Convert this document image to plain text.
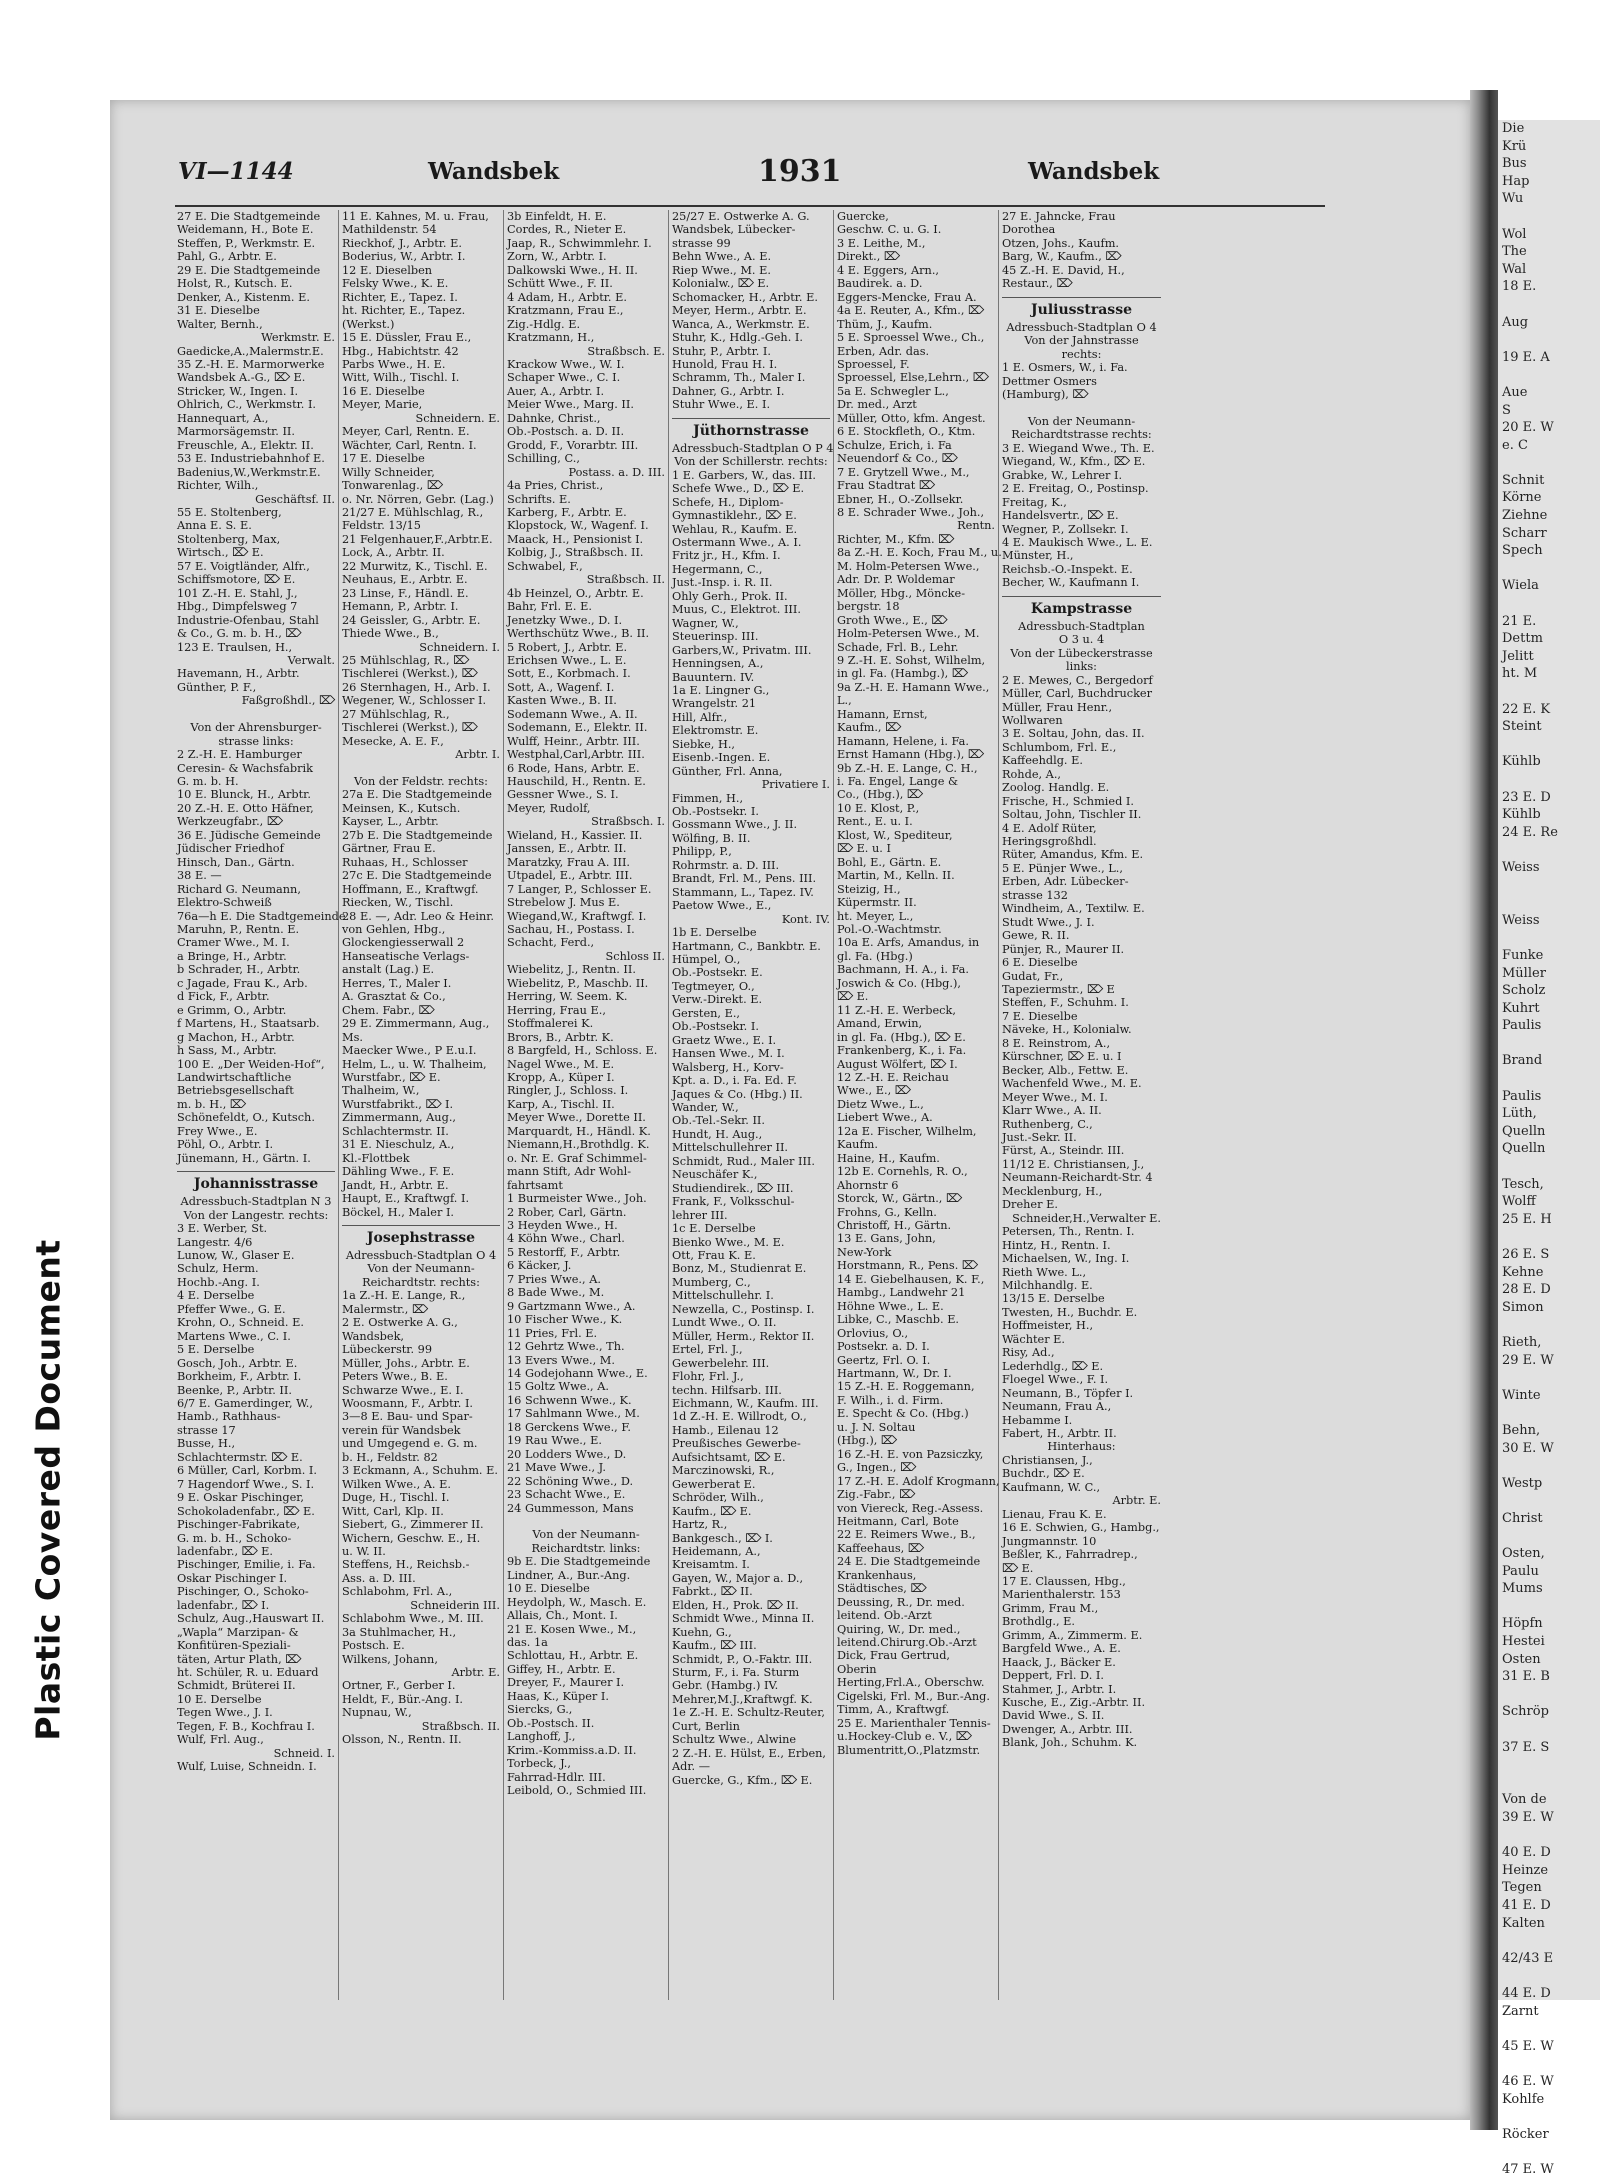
Plastic Covered Document
Die
Krü
Bus
Hap
Wu

Wol
The
Wal
18 E.

Aug

19 E. A

Aue
S
20 E. W
e. C

Schnit
Körne
Ziehne
Scharr
Spech

Wiela

21 E.
Dettm
Jelitt
ht. M

22 E. K
Steint

Kühlb

23 E. D
Kühlb
24 E. Re

Weiss

Weiss

Funke
Müller
Scholz
Kuhrt
Paulis

Brand

Paulis
Lüth,
Quelln
Quelln

Tesch,
Wolff
25 E. H

26 E. S
Kehne
28 E. D
Simon

Rieth,
29 E. W

Winte

Behn,
30 E. W

Westp

Christ

Osten,
Paulu
Mums

Höpfn
Hestei
Osten
31 E. B

Schröp

37 E. S

Von de
39 E. W

40 E. D
Heinze
Tegen
41 E. D
Kalten

42/43 E

44 E. D
Zarnt

45 E. W

46 E. W
Kohlfe

Röcker

47 E. W
VI—1144	Wandsbek	1931	Wandsbek
27 E. Die Stadtgemeinde
Weidemann, H., Bote E.
Steffen, P., Werkmstr. E.
Pahl, G., Arbtr. E.
29 E. Die Stadtgemeinde
Holst, R., Kutsch. E.
Denker, A., Kistenm. E.
31 E. Dieselbe
Walter, Bernh.,
Werkmstr. E.
Gaedicke,A.,Malermstr.E.
35 Z.-H. E. Marmorwerke
Wandsbek A.-G., ⌦ E.
Stricker, W., Ingen. I.
Ohlrich, C., Werkmstr. I.
Hannequart, A.,
Marmorsägemstr. II.
Freuschle, A., Elektr. II.
53 E. Industriebahnhof E.
Badenius,W.,Werkmstr.E.
Richter, Wilh.,
Geschäftsf. II.
55 E. Stoltenberg,
Anna E. S. E.
Stoltenberg, Max,
Wirtsch., ⌦ E.
57 E. Voigtländer, Alfr.,
Schiffsmotore, ⌦ E.
101 Z.-H. E. Stahl, J.,
Hbg., Dimpfelsweg 7
Industrie-Ofenbau, Stahl
& Co., G. m. b. H., ⌦
123 E. Traulsen, H.,
Verwalt.
Havemann, H., Arbtr.
Günther, P. F.,
Faßgroßhdl., ⌦

Von der Ahrensburger-
strasse links:
2 Z.-H. E. Hamburger
Ceresin- & Wachsfabrik
G. m. b. H.
10 E. Blunck, H., Arbtr.
20 Z.-H. E. Otto Häfner,
Werkzeugfabr., ⌦
36 E. Jüdische Gemeinde
Jüdischer Friedhof
Hinsch, Dan., Gärtn.
38 E. —
Richard G. Neumann,
Elektro-Schweiß
76a—h E. Die Stadtgemeinde
Maruhn, P., Rentn. E.
Cramer Wwe., M. I.
a Bringe, H., Arbtr.
b Schrader, H., Arbtr.
c Jagade, Frau K., Arb.
d Fick, F., Arbtr.
e Grimm, O., Arbtr.
f Martens, H., Staatsarb.
g Machon, H., Arbtr.
h Sass, M., Arbtr.
100 E. „Der Weiden-Hof“,
Landwirtschaftliche
Betriebsgesellschaft
m. b. H., ⌦
Schönefeldt, O., Kutsch.
Frey Wwe., E.
Pöhl, O., Arbtr. I.
Jünemann, H., Gärtn. I.
Johannisstrasse
Adressbuch-Stadtplan N 3
Von der Langestr. rechts:
3 E. Werber, St.
Langestr. 4/6
Lunow, W., Glaser E.
Schulz, Herm.
Hochb.-Ang. I.
4 E. Derselbe
Pfeffer Wwe., G. E.
Krohn, O., Schneid. E.
Martens Wwe., C. I.
5 E. Derselbe
Gosch, Joh., Arbtr. E.
Borkheim, F., Arbtr. I.
Beenke, P., Arbtr. II.
6/7 E. Gamerdinger, W.,
Hamb., Rathhaus-
strasse 17
Busse, H.,
Schlachtermstr. ⌦ E.
6 Müller, Carl, Korbm. I.
7 Hagendorf Wwe., S. I.
9 E. Oskar Pischinger,
Schokoladenfabr., ⌦ E.
Pischinger-Fabrikate,
G. m. b. H., Schoko-
ladenfabr., ⌦ E.
Pischinger, Emilie, i. Fa.
Oskar Pischinger I.
Pischinger, O., Schoko-
ladenfabr., ⌦ I.
Schulz, Aug.,Hauswart II.
„Wapla“ Marzipan- &
Konfitüren-Speziali-
täten, Artur Plath, ⌦
ht. Schüler, R. u. Eduard
Schmidt, Brüterei II.
10 E. Derselbe
Tegen Wwe., J. I.
Tegen, F. B., Kochfrau I.
Wulf, Frl. Aug.,
Schneid. I.
Wulf, Luise, Schneidn. I.
11 E. Kahnes, M. u. Frau,
Mathildenstr. 54
Rieckhof, J., Arbtr. E.
Boderius, W., Arbtr. I.
12 E. Dieselben
Felsky Wwe., K. E.
Richter, E., Tapez. I.
ht. Richter, E., Tapez.
(Werkst.)
15 E. Düssler, Frau E.,
Hbg., Habichtstr. 42
Parbs Wwe., H. E.
Witt, Wilh., Tischl. I.
16 E. Dieselbe
Meyer, Marie,
Schneidern. E.
Meyer, Carl, Rentn. E.
Wächter, Carl, Rentn. I.
17 E. Dieselbe
Willy Schneider,
Tonwarenlag., ⌦
o. Nr. Nörren, Gebr. (Lag.)
21/27 E. Mühlschlag, R.,
Feldstr. 13/15
21 Felgenhauer,F.,Arbtr.E.
Lock, A., Arbtr. II.
22 Murwitz, K., Tischl. E.
Neuhaus, E., Arbtr. E.
23 Linse, F., Händl. E.
Hemann, P., Arbtr. I.
24 Geissler, G., Arbtr. E.
Thiede Wwe., B.,
Schneidern. I.
25 Mühlschlag, R., ⌦
Tischlerei (Werkst.), ⌦
26 Sternhagen, H., Arb. I.
Wegener, W., Schlosser I.
27 Mühlschlag, R.,
Tischlerei (Werkst.), ⌦
Mesecke, A. E. F.,
Arbtr. I.

Von der Feldstr. rechts:
27a E. Die Stadtgemeinde
Meinsen, K., Kutsch.
Kayser, L., Arbtr.
27b E. Die Stadtgemeinde
Gärtner, Frau E.
Ruhaas, H., Schlosser
27c E. Die Stadtgemeinde
Hoffmann, E., Kraftwgf.
Riecken, W., Tischl.
28 E. —, Adr. Leo & Heinr.
von Gehlen, Hbg.,
Glockengiesserwall 2
Hanseatische Verlags-
anstalt (Lag.) E.
Herres, T., Maler I.
A. Grasztat & Co.,
Chem. Fabr., ⌦
29 E. Zimmermann, Aug.,
Ms.
Maecker Wwe., P E.u.I.
Helm, L., u. W. Thalheim,
Wurstfabr., ⌦ E.
Thalheim, W.,
Wurstfabrikt., ⌦ I.
Zimmermann, Aug.,
Schlachtermstr. II.
31 E. Nieschulz, A.,
Kl.-Flottbek
Dähling Wwe., F. E.
Jandt, H., Arbtr. E.
Haupt, E., Kraftwgf. I.
Böckel, H., Maler I.
Josephstrasse
Adressbuch-Stadtplan O 4
Von der Neumann-
Reichardtstr. rechts:
1a Z.-H. E. Lange, R.,
Malermstr., ⌦
2 E. Ostwerke A. G.,
Wandsbek,
Lübeckerstr. 99
Müller, Johs., Arbtr. E.
Peters Wwe., B. E.
Schwarze Wwe., E. I.
Woosmann, F., Arbtr. I.
3—8 E. Bau- und Spar-
verein für Wandsbek
und Umgegend e. G. m.
b. H., Feldstr. 82
3 Eckmann, A., Schuhm. E.
Wilken Wwe., A. E.
Duge, H., Tischl. I.
Witt, Carl, Klp. II.
Siebert, G., Zimmerer II.
Wichern, Geschw. E., H.
u. W. II.
Steffens, H., Reichsb.-
Ass. a. D. III.
Schlabohm, Frl. A.,
Schneiderin III.
Schlabohm Wwe., M. III.
3a Stuhlmacher, H.,
Postsch. E.
Wilkens, Johann,
Arbtr. E.
Ortner, F., Gerber I.
Heldt, F., Bür.-Ang. I.
Nupnau, W.,
Straßbsch. II.
Olsson, N., Rentn. II.
3b Einfeldt, H. E.
Cordes, R., Nieter E.
Jaap, R., Schwimmlehr. I.
Zorn, W., Arbtr. I.
Dalkowski Wwe., H. II.
Schütt Wwe., F. II.
4 Adam, H., Arbtr. E.
Kratzmann, Frau E.,
Zig.-Hdlg. E.
Kratzmann, H.,
Straßbsch. E.
Krackow Wwe., W. I.
Schaper Wwe., C. I.
Auer, A., Arbtr. I.
Meier Wwe., Marg. II.
Dahnke, Christ.,
Ob.-Postsch. a. D. II.
Grodd, F., Vorarbtr. III.
Schilling, C.,
Postass. a. D. III.
4a Pries, Christ.,
Schrifts. E.
Karberg, F., Arbtr. E.
Klopstock, W., Wagenf. I.
Maack, H., Pensionist I.
Kolbig, J., Straßbsch. II.
Schwabel, F.,
Straßbsch. II.
4b Heinzel, O., Arbtr. E.
Bahr, Frl. E. E.
Jenetzky Wwe., D. I.
Werthschütz Wwe., B. II.
5 Robert, J., Arbtr. E.
Erichsen Wwe., L. E.
Sott, E., Korbmach. I.
Sott, A., Wagenf. I.
Kasten Wwe., B. II.
Sodemann Wwe., A. II.
Sodemann, E., Elektr. II.
Wulff, Heinr., Arbtr. III.
Westphal,Carl,Arbtr. III.
6 Rode, Hans, Arbtr. E.
Hauschild, H., Rentn. E.
Gessner Wwe., S. I.
Meyer, Rudolf,
Straßbsch. I.
Wieland, H., Kassier. II.
Janssen, E., Arbtr. II.
Maratzky, Frau A. III.
Utpadel, E., Arbtr. III.
7 Langer, P., Schlosser E.
Strebelow J. Mus E.
Wiegand,W., Kraftwgf. I.
Sachau, H., Postass. I.
Schacht, Ferd.,
Schloss II.
Wiebelitz, J., Rentn. II.
Wiebelitz, P., Maschb. II.
Herring, W. Seem. K.
Herring, Frau E.,
Stoffmalerei K.
Brors, B., Arbtr. K.
8 Bargfeld, H., Schloss. E.
Nagel Wwe., M. E.
Kropp, A., Küper I.
Ringler, J., Schloss. I.
Karp, A., Tischl. II.
Meyer Wwe., Dorette II.
Marquardt, H., Händl. K.
Niemann,H.,Brothdlg. K.
o. Nr. E. Graf Schimmel-
mann Stift, Adr Wohl-
fahrtsamt
1 Burmeister Wwe., Joh.
2 Rober, Carl, Gärtn.
3 Heyden Wwe., H.
4 Köhn Wwe., Charl.
5 Restorff, F., Arbtr.
6 Käcker, J.
7 Pries Wwe., A.
8 Bade Wwe., M.
9 Gartzmann Wwe., A.
10 Fischer Wwe., K.
11 Pries, Frl. E.
12 Gehrtz Wwe., Th.
13 Evers Wwe., M.
14 Godejohann Wwe., E.
15 Goltz Wwe., A.
16 Schwenn Wwe., K.
17 Sahlmann Wwe., M.
18 Gerckens Wwe., F.
19 Rau Wwe., E.
20 Lodders Wwe., D.
21 Mave Wwe., J.
22 Schöning Wwe., D.
23 Schacht Wwe., E.
24 Gummesson, Mans

Von der Neumann-
Reichardtstr. links:
9b E. Die Stadtgemeinde
Lindner, A., Bur.-Ang.
10 E. Dieselbe
Heydolph, W., Masch. E.
Allais, Ch., Mont. I.
21 E. Kosen Wwe., M.,
das. 1a
Schlottau, H., Arbtr. E.
Giffey, H., Arbtr. E.
Dreyer, F., Maurer I.
Haas, K., Küper I.
Siercks, G.,
Ob.-Postsch. II.
Langhoff, J.,
Krim.-Kommiss.a.D. II.
Torbeck, J.,
Fahrrad-Hdlr. III.
Leibold, O., Schmied III.
25/27 E. Ostwerke A. G.
Wandsbek, Lübecker-
strasse 99
Behn Wwe., A. E.
Riep Wwe., M. E.
Kolonialw., ⌦ E.
Schomacker, H., Arbtr. E.
Meyer, Herm., Arbtr. E.
Wanca, A., Werkmstr. E.
Stuhr, K., Hdlg.-Geh. I.
Stuhr, P., Arbtr. I.
Hunold, Frau H. I.
Schramm, Th., Maler I.
Dahner, G., Arbtr. I.
Stuhr Wwe., E. I.
Jüthornstrasse
Adressbuch-Stadtplan O P 4
Von der Schillerstr. rechts:
1 E. Garbers, W., das. III.
Schefe Wwe., D., ⌦ E.
Schefe, H., Diplom-
Gymnastiklehr., ⌦ E.
Wehlau, R., Kaufm. E.
Ostermann Wwe., A. I.
Fritz jr., H., Kfm. I.
Hegermann, C.,
Just.-Insp. i. R. II.
Ohly Gerh., Prok. II.
Muus, C., Elektrot. III.
Wagner, W.,
Steuerinsp. III.
Garbers,W., Privatm. III.
Henningsen, A.,
Bauuntern. IV.
1a E. Lingner G.,
Wrangelstr. 21
Hill, Alfr.,
Elektromstr. E.
Siebke, H.,
Eisenb.-Ingen. E.
Günther, Frl. Anna,
Privatiere I.
Fimmen, H.,
Ob.-Postsekr. I.
Gossmann Wwe., J. II.
Wölfing, B. II.
Philipp, P.,
Rohrmstr. a. D. III.
Brandt, Frl. M., Pens. III.
Stammann, L., Tapez. IV.
Paetow Wwe., E.,
Kont. IV.
1b E. Derselbe
Hartmann, C., Bankbtr. E.
Hümpel, O.,
Ob.-Postsekr. E.
Tegtmeyer, O.,
Verw.-Direkt. E.
Gersten, E.,
Ob.-Postsekr. I.
Graetz Wwe., E. I.
Hansen Wwe., M. I.
Walsberg, H., Korv-
Kpt. a. D., i. Fa. Ed. F.
Jaques & Co. (Hbg.) II.
Wander, W.,
Ob.-Tel.-Sekr. II.
Hundt, H. Aug.,
Mittelschullehrer II.
Schmidt, Rud., Maler III.
Neuschäfer K.,
Studiendirek., ⌦ III.
Frank, F., Volksschul-
lehrer III.
1c E. Derselbe
Bienko Wwe., M. E.
Ott, Frau K. E.
Bonz, M., Studienrat E.
Mumberg, C.,
Mittelschullehr. I.
Newzella, C., Postinsp. I.
Lundt Wwe., O. II.
Müller, Herm., Rektor II.
Ertel, Frl. J.,
Gewerbelehr. III.
Flohr, Frl. J.,
techn. Hilfsarb. III.
Eichmann, W., Kaufm. III.
1d Z.-H. E. Willrodt, O.,
Hamb., Eilenau 12
Preußisches Gewerbe-
Aufsichtsamt, ⌦ E.
Marczinowski, R.,
Gewerberat E.
Schröder, Wilh.,
Kaufm., ⌦ E.
Hartz, R.,
Bankgesch., ⌦ I.
Heidemann, A.,
Kreisamtm. I.
Gayen, W., Major a. D.,
Fabrkt., ⌦ II.
Elden, H., Prok. ⌦ II.
Schmidt Wwe., Minna II.
Kuehn, G.,
Kaufm., ⌦ III.
Schmidt, P., O.-Faktr. III.
Sturm, F., i. Fa. Sturm
Gebr. (Hambg.) IV.
Mehrer,M.J.,Kraftwgf. K.
1e Z.-H. E. Schultz-Reuter,
Curt, Berlin
Schultz Wwe., Alwine
2 Z.-H. E. Hülst, E., Erben,
Adr. —
Guercke, G., Kfm., ⌦ E.
Guercke,
Geschw. C. u. G. I.
3 E. Leithe, M.,
Direkt., ⌦
4 E. Eggers, Arn.,
Baudirek. a. D.
Eggers-Mencke, Frau A.
4a E. Reuter, A., Kfm., ⌦
Thüm, J., Kaufm.
5 E. Sproessel Wwe., Ch.,
Erben, Adr. das.
Sproessel, F.
Sproessel, Else,Lehrn., ⌦
5a E. Schwegler L.,
Dr. med., Arzt
Müller, Otto, kfm. Angest.
6 E. Stockfleth, O., Ktm.
Schulze, Erich, i. Fa
Neuendorf & Co., ⌦
7 E. Grytzell Wwe., M.,
Frau Stadtrat ⌦
Ebner, H., O.-Zollsekr.
8 E. Schrader Wwe., Joh.,
Rentn.
Richter, M., Kfm. ⌦
8a Z.-H. E. Koch, Frau M., u.
M. Holm-Petersen Wwe.,
Adr. Dr. P. Woldemar
Möller, Hbg., Möncke-
bergstr. 18
Groth Wwe., E., ⌦
Holm-Petersen Wwe., M.
Schade, Frl. B., Lehr.
9 Z.-H. E. Sohst, Wilhelm,
in gl. Fa. (Hambg.), ⌦
9a Z.-H. E. Hamann Wwe.,
L.,
Hamann, Ernst,
Kaufm., ⌦
Hamann, Helene, i. Fa.
Ernst Hamann (Hbg.), ⌦
9b Z.-H. E. Lange, C. H.,
i. Fa. Engel, Lange &
Co., (Hbg.), ⌦
10 E. Klost, P.,
Rent., E. u. I.
Klost, W., Spediteur,
⌦ E. u. I
Bohl, E., Gärtn. E.
Martin, M., Kelln. II.
Steizig, H.,
Küpermstr. II.
ht. Meyer, L.,
Pol.-O.-Wachtmstr.
10a E. Arfs, Amandus, in
gl. Fa. (Hbg.)
Bachmann, H. A., i. Fa.
Joswich & Co. (Hbg.),
⌦ E.
11 Z.-H. E. Werbeck,
Amand, Erwin,
in gl. Fa. (Hbg.), ⌦ E.
Frankenberg, K., i. Fa.
August Wölfert, ⌦ I.
12 Z.-H. E. Reichau
Wwe., E., ⌦
Dietz Wwe., L.,
Liebert Wwe., A.
12a E. Fischer, Wilhelm,
Kaufm.
Haine, H., Kaufm.
12b E. Cornehls, R. O.,
Ahornstr 6
Storck, W., Gärtn., ⌦
Frohns, G., Kelln.
Christoff, H., Gärtn.
13 E. Gans, John,
New-York
Horstmann, R., Pens. ⌦
14 E. Giebelhausen, K. F.,
Hambg., Landwehr 21
Höhne Wwe., L. E.
Libke, C., Maschb. E.
Orlovius, O.,
Postsekr. a. D. I.
Geertz, Frl. O. I.
Hartmann, W., Dr. I.
15 Z.-H. E. Roggemann,
F. Wilh., i. d. Firm.
E. Specht & Co. (Hbg.)
u. J. N. Soltau
(Hbg.), ⌦
16 Z.-H. E. von Pazsiczky,
G., Ingen., ⌦
17 Z.-H. E. Adolf Krogmann,
Zig.-Fabr., ⌦
von Viereck, Reg.-Assess.
Heitmann, Carl, Bote
22 E. Reimers Wwe., B.,
Kaffeehaus, ⌦
24 E. Die Stadtgemeinde
Krankenhaus,
Städtisches, ⌦
Deussing, R., Dr. med.
leitend. Ob.-Arzt
Quiring, W., Dr. med.,
leitend.Chirurg.Ob.-Arzt
Dick, Frau Gertrud,
Oberin
Herting,Frl.A., Oberschw.
Cigelski, Frl. M., Bur.-Ang.
Timm, A., Kraftwgf.
25 E. Marienthaler Tennis-
u.Hockey-Club e. V., ⌦
Blumentritt,O.,Platzmstr.
27 E. Jahncke, Frau
Dorothea
Otzen, Johs., Kaufm.
Barg, W., Kaufm., ⌦
45 Z.-H. E. David, H.,
Restaur., ⌦
Juliusstrasse
Adressbuch-Stadtplan O 4
Von der Jahnstrasse
rechts:
1 E. Osmers, W., i. Fa.
Dettmer Osmers
(Hamburg), ⌦

Von der Neumann-
Reichardtstrasse rechts:
3 E. Wiegand Wwe., Th. E.
Wiegand, W., Kfm., ⌦ E.
Grabke, W., Lehrer I.
2 E. Freitag, O., Postinsp.
Freitag, K.,
Handelsvertr., ⌦ E.
Wegner, P., Zollsekr. I.
4 E. Maukisch Wwe., L. E.
Münster, H.,
Reichsb.-O.-Inspekt. E.
Becher, W., Kaufmann I.
Kampstrasse
Adressbuch-Stadtplan
O 3 u. 4
Von der Lübeckerstrasse
links:
2 E. Mewes, C., Bergedorf
Müller, Carl, Buchdrucker
Müller, Frau Henr.,
Wollwaren
3 E. Soltau, John, das. II.
Schlumbom, Frl. E.,
Kaffeehdlg. E.
Rohde, A.,
Zoolog. Handlg. E.
Frische, H., Schmied I.
Soltau, John, Tischler II.
4 E. Adolf Rüter,
Heringsgroßhdl.
Rüter, Amandus, Kfm. E.
5 E. Pünjer Wwe., L.,
Erben, Adr. Lübecker-
strasse 132
Windheim, A., Textilw. E.
Studt Wwe., J. I.
Gewe, R. II.
Pünjer, R., Maurer II.
6 E. Dieselbe
Gudat, Fr.,
Tapeziermstr., ⌦ E
Steffen, F., Schuhm. I.
7 E. Dieselbe
Näveke, H., Kolonialw.
8 E. Reinstrom, A.,
Kürschner, ⌦ E. u. I
Becker, Alb., Fettw. E.
Wachenfeld Wwe., M. E.
Meyer Wwe., M. I.
Klarr Wwe., A. II.
Ruthenberg, C.,
Just.-Sekr. II.
Fürst, A., Steindr. III.
11/12 E. Christiansen, J.,
Neumann-Reichardt-Str. 4
Mecklenburg, H.,
Dreher E.
Schneider,H.,Verwalter E.
Petersen, Th., Rentn. I.
Hintz, H., Rentn. I.
Michaelsen, W., Ing. I.
Rieth Wwe. L.,
Milchhandlg. E.
13/15 E. Derselbe
Twesten, H., Buchdr. E.
Hoffmeister, H.,
Wächter E.
Risy, Ad.,
Lederhdlg., ⌦ E.
Floegel Wwe., F. I.
Neumann, B., Töpfer I.
Neumann, Frau A.,
Hebamme I.
Fabert, H., Arbtr. II.
Hinterhaus:
Christiansen, J.,
Buchdr., ⌦ E.
Kaufmann, W. C.,
Arbtr. E.
Lienau, Frau K. E.
16 E. Schwien, G., Hambg.,
Jungmannstr. 10
Beßler, K., Fahrradrep.,
⌦ E.
17 E. Claussen, Hbg.,
Marienthalerstr. 153
Grimm, Frau M.,
Brothdlg., E.
Grimm, A., Zimmerm. E.
Bargfeld Wwe., A. E.
Haack, J., Bäcker E.
Deppert, Frl. D. I.
Stahmer, J., Arbtr. I.
Kusche, E., Zig.-Arbtr. II.
David Wwe., S. II.
Dwenger, A., Arbtr. III.
Blank, Joh., Schuhm. K.
